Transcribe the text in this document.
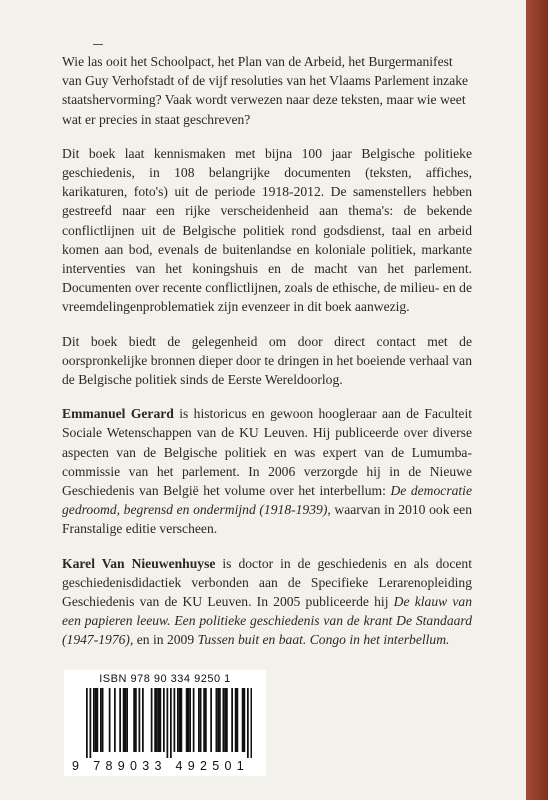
Wie las ooit het Schoolpact, het Plan van de Arbeid, het Burgermanifest van Guy Verhofstadt of de vijf resoluties van het Vlaams Parlement inzake staatshervorming? Vaak wordt verwezen naar deze teksten, maar wie weet wat er precies in staat geschreven?

Dit boek laat kennismaken met bijna 100 jaar Belgische politieke geschiedenis, in 108 belangrijke documenten (teksten, affiches, karikaturen, foto's) uit de periode 1918-2012. De samenstellers hebben gestreefd naar een rijke verscheidenheid aan thema's: de bekende conflictlijnen uit de Belgische politiek rond godsdienst, taal en arbeid komen aan bod, evenals de buitenlandse en koloniale politiek, markante interventies van het koningshuis en de macht van het parlement. Documenten over recente conflictlijnen, zoals de ethische, de milieu- en de vreemdelingenproblematiek zijn evenzeer in dit boek aanwezig.

Dit boek biedt de gelegenheid om door direct contact met de oorspronkelijke bronnen dieper door te dringen in het boeiende verhaal van de Belgische politiek sinds de Eerste Wereldoorlog.

Emmanuel Gerard is historicus en gewoon hoogleraar aan de Faculteit Sociale Wetenschappen van de KU Leuven. Hij publiceerde over diverse aspecten van de Belgische politiek en was expert van de Lumumba-commissie van het parlement. In 2006 verzorgde hij in de Nieuwe Geschiedenis van België het volume over het interbellum: De democratie gedroomd, begrensd en ondermijnd (1918-1939), waarvan in 2010 ook een Franstalige editie verscheen.

Karel Van Nieuwenhuyse is doctor in de geschiedenis en als docent geschiedenisdidactiek verbonden aan de Specifieke Lerarenopleiding Geschiedenis van de KU Leuven. In 2005 publiceerde hij De klauw van een papieren leeuw. Een politieke geschiedenis van de krant De Standaard (1947-1976), en in 2009 Tussen buit en baat. Congo in het interbellum.

ISBN 978 90 334 9250 1
9 7 8 9 0 3 3 4 9 2 5 0 1
